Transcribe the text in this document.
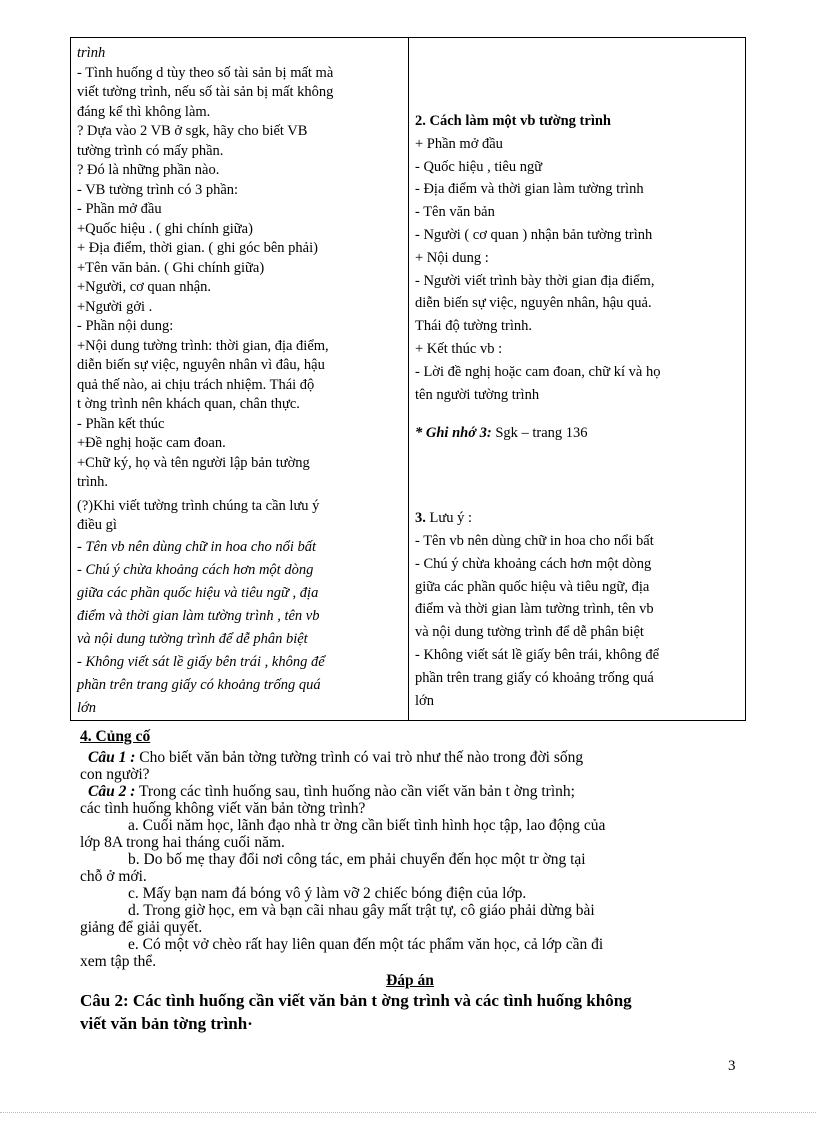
trình
- Tình huống d tùy theo số tài sản bị mất mà
viết tường trình, nếu số tài sản bị mất không
đáng kể thì không làm.
? Dựa vào 2 VB ở sgk, hãy cho biết VB
tường trình có mấy phần.
? Đó là những phần nào.
- VB tường trình có 3 phần:
- Phần mở đầu
+Quốc hiệu . ( ghi chính giữa)
+ Địa điểm, thời gian. ( ghi góc bên phải)
+Tên văn bản. ( Ghi chính giữa)
+Người, cơ quan nhận.
+Người gởi .
- Phần nội dung:
+Nội dung tường trình: thời gian, địa điểm,
diễn biến sự việc, nguyên nhân vì đâu, hậu
quả thế nào, ai chịu trách nhiệm. Thái độ
t ờng trình nên khách quan, chân thực.
- Phần kết thúc
+Đề nghị hoặc cam đoan.
+Chữ ký, họ và tên người lập bản tường
trình.
(?)Khi viết tường trình chúng ta cần lưu ý
điều gì
- Tên vb nên dùng chữ in hoa cho nổi bất
- Chú ý chừa khoảng cách hơn một dòng
giữa các phần quốc hiệu và tiêu ngữ , địa
điểm và thời gian làm tường trình , tên vb
và nội dung tường trình để dễ phân biệt
- Không viết sát lề giấy bên trái , không để
phần trên trang giấy có khoảng trống quá
lớn
2. Cách làm một vb tường trình
+ Phần mở đầu
- Quốc hiệu , tiêu ngữ
- Địa điểm và thời gian làm tường trình
- Tên văn bản
- Người ( cơ quan ) nhận bản tường trình
+ Nội dung :
- Người viết trình bày thời gian địa điểm,
diễn biến sự việc, nguyên nhân, hậu quả.
Thái độ tường trình.
+ Kết thúc vb :
- Lời đề nghị hoặc cam đoan, chữ kí và họ
tên người tường trình
* Ghi nhớ 3: Sgk – trang 136
3. Lưu ý :
- Tên vb nên dùng chữ in hoa cho nổi bất
- Chú ý chừa khoảng cách hơn một dòng
giữa các phần quốc hiệu và tiêu ngữ, địa
điểm và thời gian làm tường trình, tên vb
và nội dung tường trình để dễ phân biệt
- Không viết sát lề giấy bên trái, không để
phần trên trang giấy có khoảng trống quá
lớn
4. Củng cố
Câu 1 : Cho biết văn bản tờng tường trình có vai trò như thế nào trong đời sống
con người?
Câu 2 : Trong các tình huống sau, tình huống nào cần viết văn bản t ờng trình;
các tình huống không viết văn bản tờng trình?
a. Cuối năm học, lãnh đạo nhà tr ờng cần biết tình hình học tập, lao động của
lớp 8A trong hai tháng cuối năm.
b. Do bố mẹ thay đổi nơi công tác, em phải chuyển đến học một tr ờng tại
chỗ ở mới.
c. Mấy bạn nam đá bóng vô ý làm vỡ 2 chiếc bóng điện của lớp.
d. Trong giờ học, em và bạn cãi nhau gây mất trật tự, cô giáo phải dừng bài
giảng để giải quyết.
e. Có một vở chèo rất hay liên quan đến một tác phẩm văn học, cả lớp cần đi
xem tập thể.
Đáp án
Câu 2: Các tình huống cần viết văn bản t ờng trình và các tình huống không
viết văn bản tờng trình·
3
